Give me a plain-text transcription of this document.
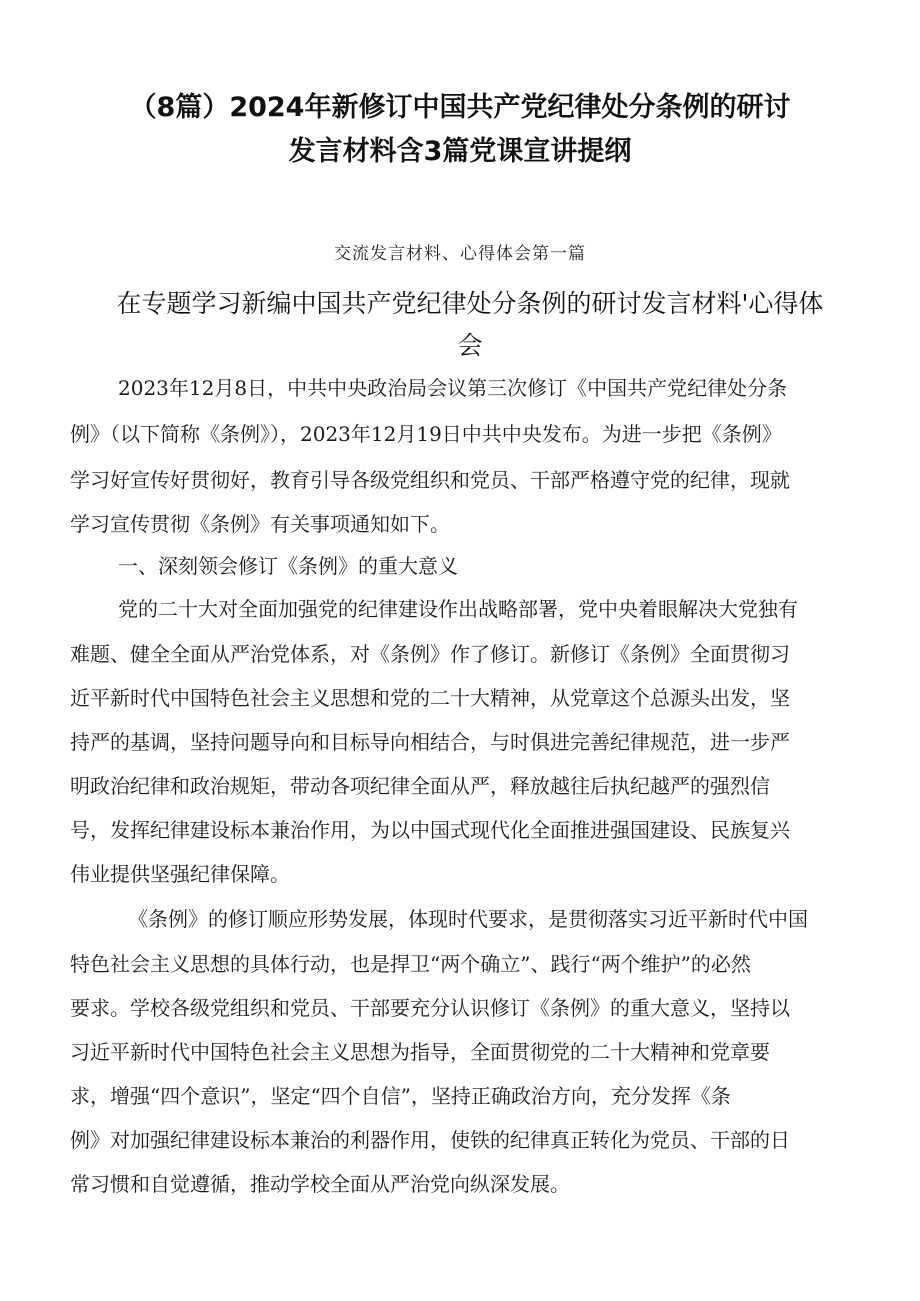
（8篇）2024年新修订中国共产党纪律处分条例的研讨
发言材料含3篇党课宣讲提纲
交流发言材料、心得体会第一篇
在专题学习新编中国共产党纪律处分条例的研讨发言材料'心得体
会
2023年12月8日，中共中央政治局会议第三次修订《中国共产党纪律处分条
例》（以下简称《条例》），2023年12月19日中共中央发布。为进一步把《条例》
学习好宣传好贯彻好，教育引导各级党组织和党员、干部严格遵守党的纪律，现就
学习宣传贯彻《条例》有关事项通知如下。
一、深刻领会修订《条例》的重大意义
党的二十大对全面加强党的纪律建设作出战略部署，党中央着眼解决大党独有
难题、健全全面从严治党体系，对《条例》作了修订。新修订《条例》全面贯彻习
近平新时代中国特色社会主义思想和党的二十大精神，从党章这个总源头出发，坚
持严的基调，坚持问题导向和目标导向相结合，与时俱进完善纪律规范，进一步严
明政治纪律和政治规矩，带动各项纪律全面从严，释放越往后执纪越严的强烈信
号，发挥纪律建设标本兼治作用，为以中国式现代化全面推进强国建设、民族复兴
伟业提供坚强纪律保障。
《条例》的修订顺应形势发展，体现时代要求，是贯彻落实习近平新时代中国
特色社会主义思想的具体行动，也是捍卫“两个确立”、践行“两个维护”的必然
要求。学校各级党组织和党员、干部要充分认识修订《条例》的重大意义，坚持以
习近平新时代中国特色社会主义思想为指导，全面贯彻党的二十大精神和党章要
求，增强“四个意识”，坚定“四个自信”，坚持正确政治方向，充分发挥《条
例》对加强纪律建设标本兼治的利器作用，使铁的纪律真正转化为党员、干部的日
常习惯和自觉遵循，推动学校全面从严治党向纵深发展。
